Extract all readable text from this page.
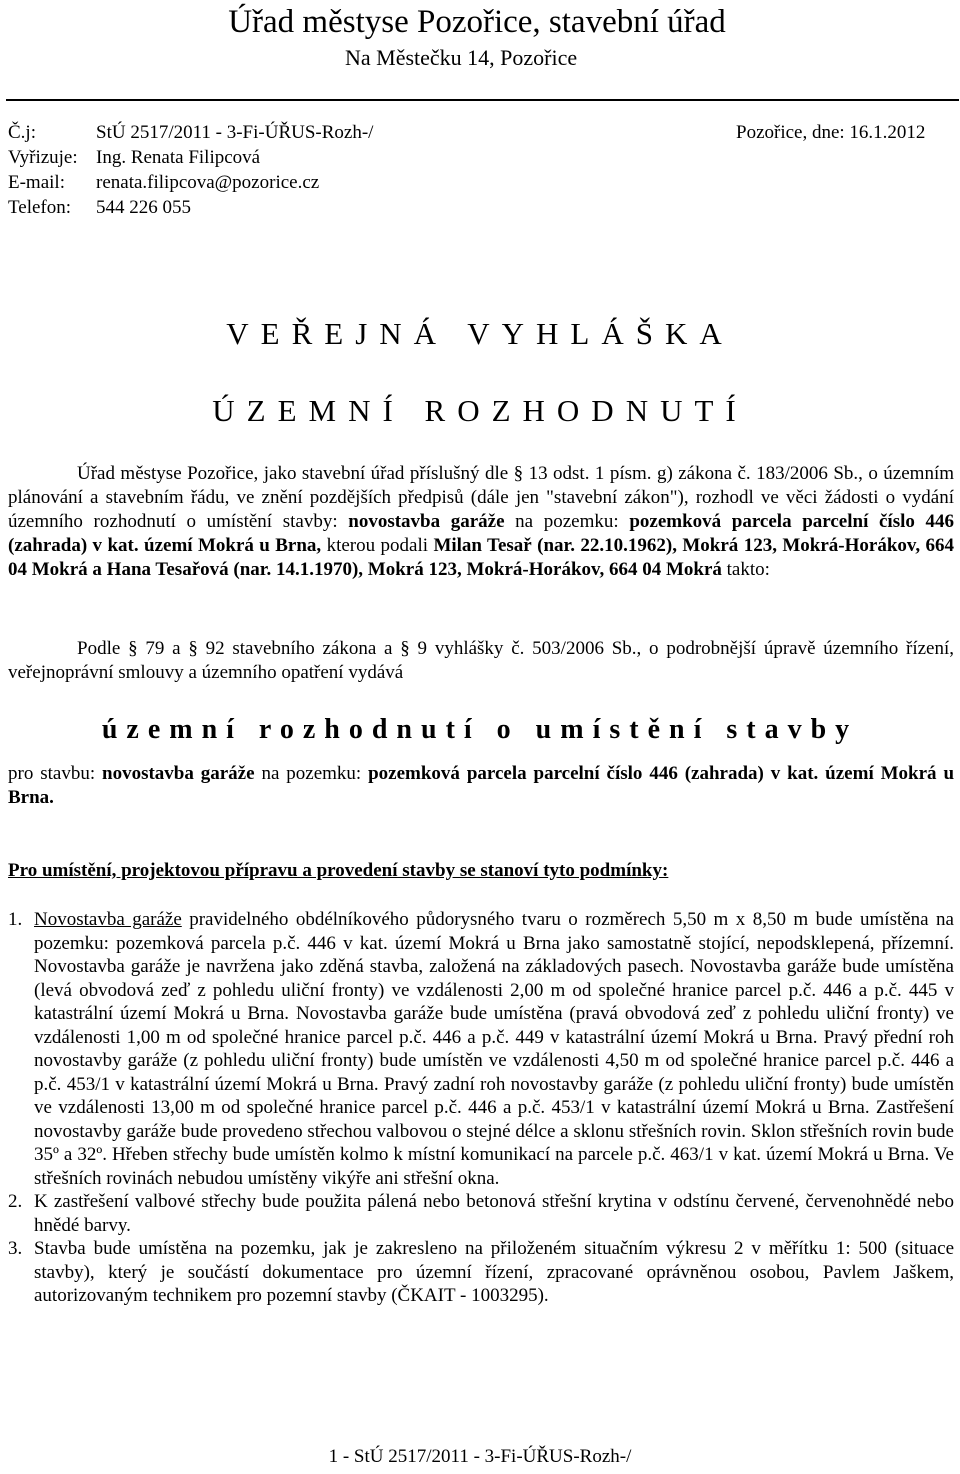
Úřad městyse Pozořice, stavební úřad
Na Městečku 14, Pozořice
Č.j:	StÚ 2517/2011 - 3-Fi-ÚŘUS-Rozh-/	Pozořice, dne: 16.1.2012
Vyřizuje: Ing. Renata Filipcová
E-mail: renata.filipcova@pozorice.cz
Telefon: 544 226 055
VEŘEJNÁ VYHLÁŠKA
ÚZEMNÍ ROZHODNUTÍ
Úřad městyse Pozořice, jako stavební úřad příslušný dle § 13 odst. 1 písm. g) zákona č. 183/2006 Sb., o územním plánování a stavebním řádu, ve znění pozdějších předpisů (dále jen "stavební zákon"), rozhodl ve věci žádosti o vydání územního rozhodnutí o umístění stavby: novostavba garáže na pozemku: pozemková parcela parcelní číslo 446 (zahrada) v kat. území Mokrá u Brna, kterou podali Milan Tesař (nar. 22.10.1962), Mokrá 123, Mokrá-Horákov, 664 04 Mokrá a Hana Tesařová (nar. 14.1.1970), Mokrá 123, Mokrá-Horákov, 664 04 Mokrá takto:
Podle § 79 a § 92 stavebního zákona a § 9 vyhlášky č. 503/2006 Sb., o podrobnější úpravě územního řízení, veřejnoprávní smlouvy a územního opatření vydává
územní rozhodnutí o umístění stavby
pro stavbu: novostavba garáže na pozemku: pozemková parcela parcelní číslo 446 (zahrada) v kat. území Mokrá u Brna.
Pro umístění, projektovou přípravu a provedení stavby se stanoví tyto podmínky:
1. Novostavba garáže pravidelného obdélníkového půdorysného tvaru o rozměrech 5,50 m x 8,50 m bude umístěna na pozemku: pozemková parcela p.č. 446 v kat. území Mokrá u Brna jako samostatně stojící, nepodsklepená, přízemní. Novostavba garáže je navržena jako zděná stavba, založená na základových pasech. Novostavba garáže bude umístěna (levá obvodová zeď z pohledu uliční fronty) ve vzdálenosti 2,00 m od společné hranice parcel p.č. 446 a p.č. 445 v katastrální území Mokrá u Brna. Novostavba garáže bude umístěna (pravá obvodová zeď z pohledu uliční fronty) ve vzdálenosti 1,00 m od společné hranice parcel p.č. 446 a p.č. 449 v katastrální území Mokrá u Brna. Pravý přední roh novostavby garáže (z pohledu uliční fronty) bude umístěn ve vzdálenosti 4,50 m od společné hranice parcel p.č. 446 a p.č. 453/1 v katastrální území Mokrá u Brna. Pravý zadní roh novostavby garáže (z pohledu uliční fronty) bude umístěn ve vzdálenosti 13,00 m od společné hranice parcel p.č. 446 a p.č. 453/1 v katastrální území Mokrá u Brna. Zastřešení novostavby garáže bude provedeno střechou valbovou o stejné délce a sklonu střešních rovin. Sklon střešních rovin bude 35º a 32º. Hřeben střechy bude umístěn kolmo k místní komunikací na parcele p.č. 463/1 v kat. území Mokrá u Brna. Ve střešních rovinách nebudou umístěny vikýře ani střešní okna.
2. K zastřešení valbové střechy bude použita pálená nebo betonová střešní krytina v odstínu červené, červenohnědé nebo hnědé barvy.
3. Stavba bude umístěna na pozemku, jak je zakresleno na přiloženém situačním výkresu 2 v měřítku 1: 500 (situace stavby), který je součástí dokumentace pro územní řízení, zpracované oprávněnou osobou, Pavlem Jaškem, autorizovaným technikem pro pozemní stavby (ČKAIT - 1003295).
1 - StÚ 2517/2011 - 3-Fi-ÚŘUS-Rozh-/
